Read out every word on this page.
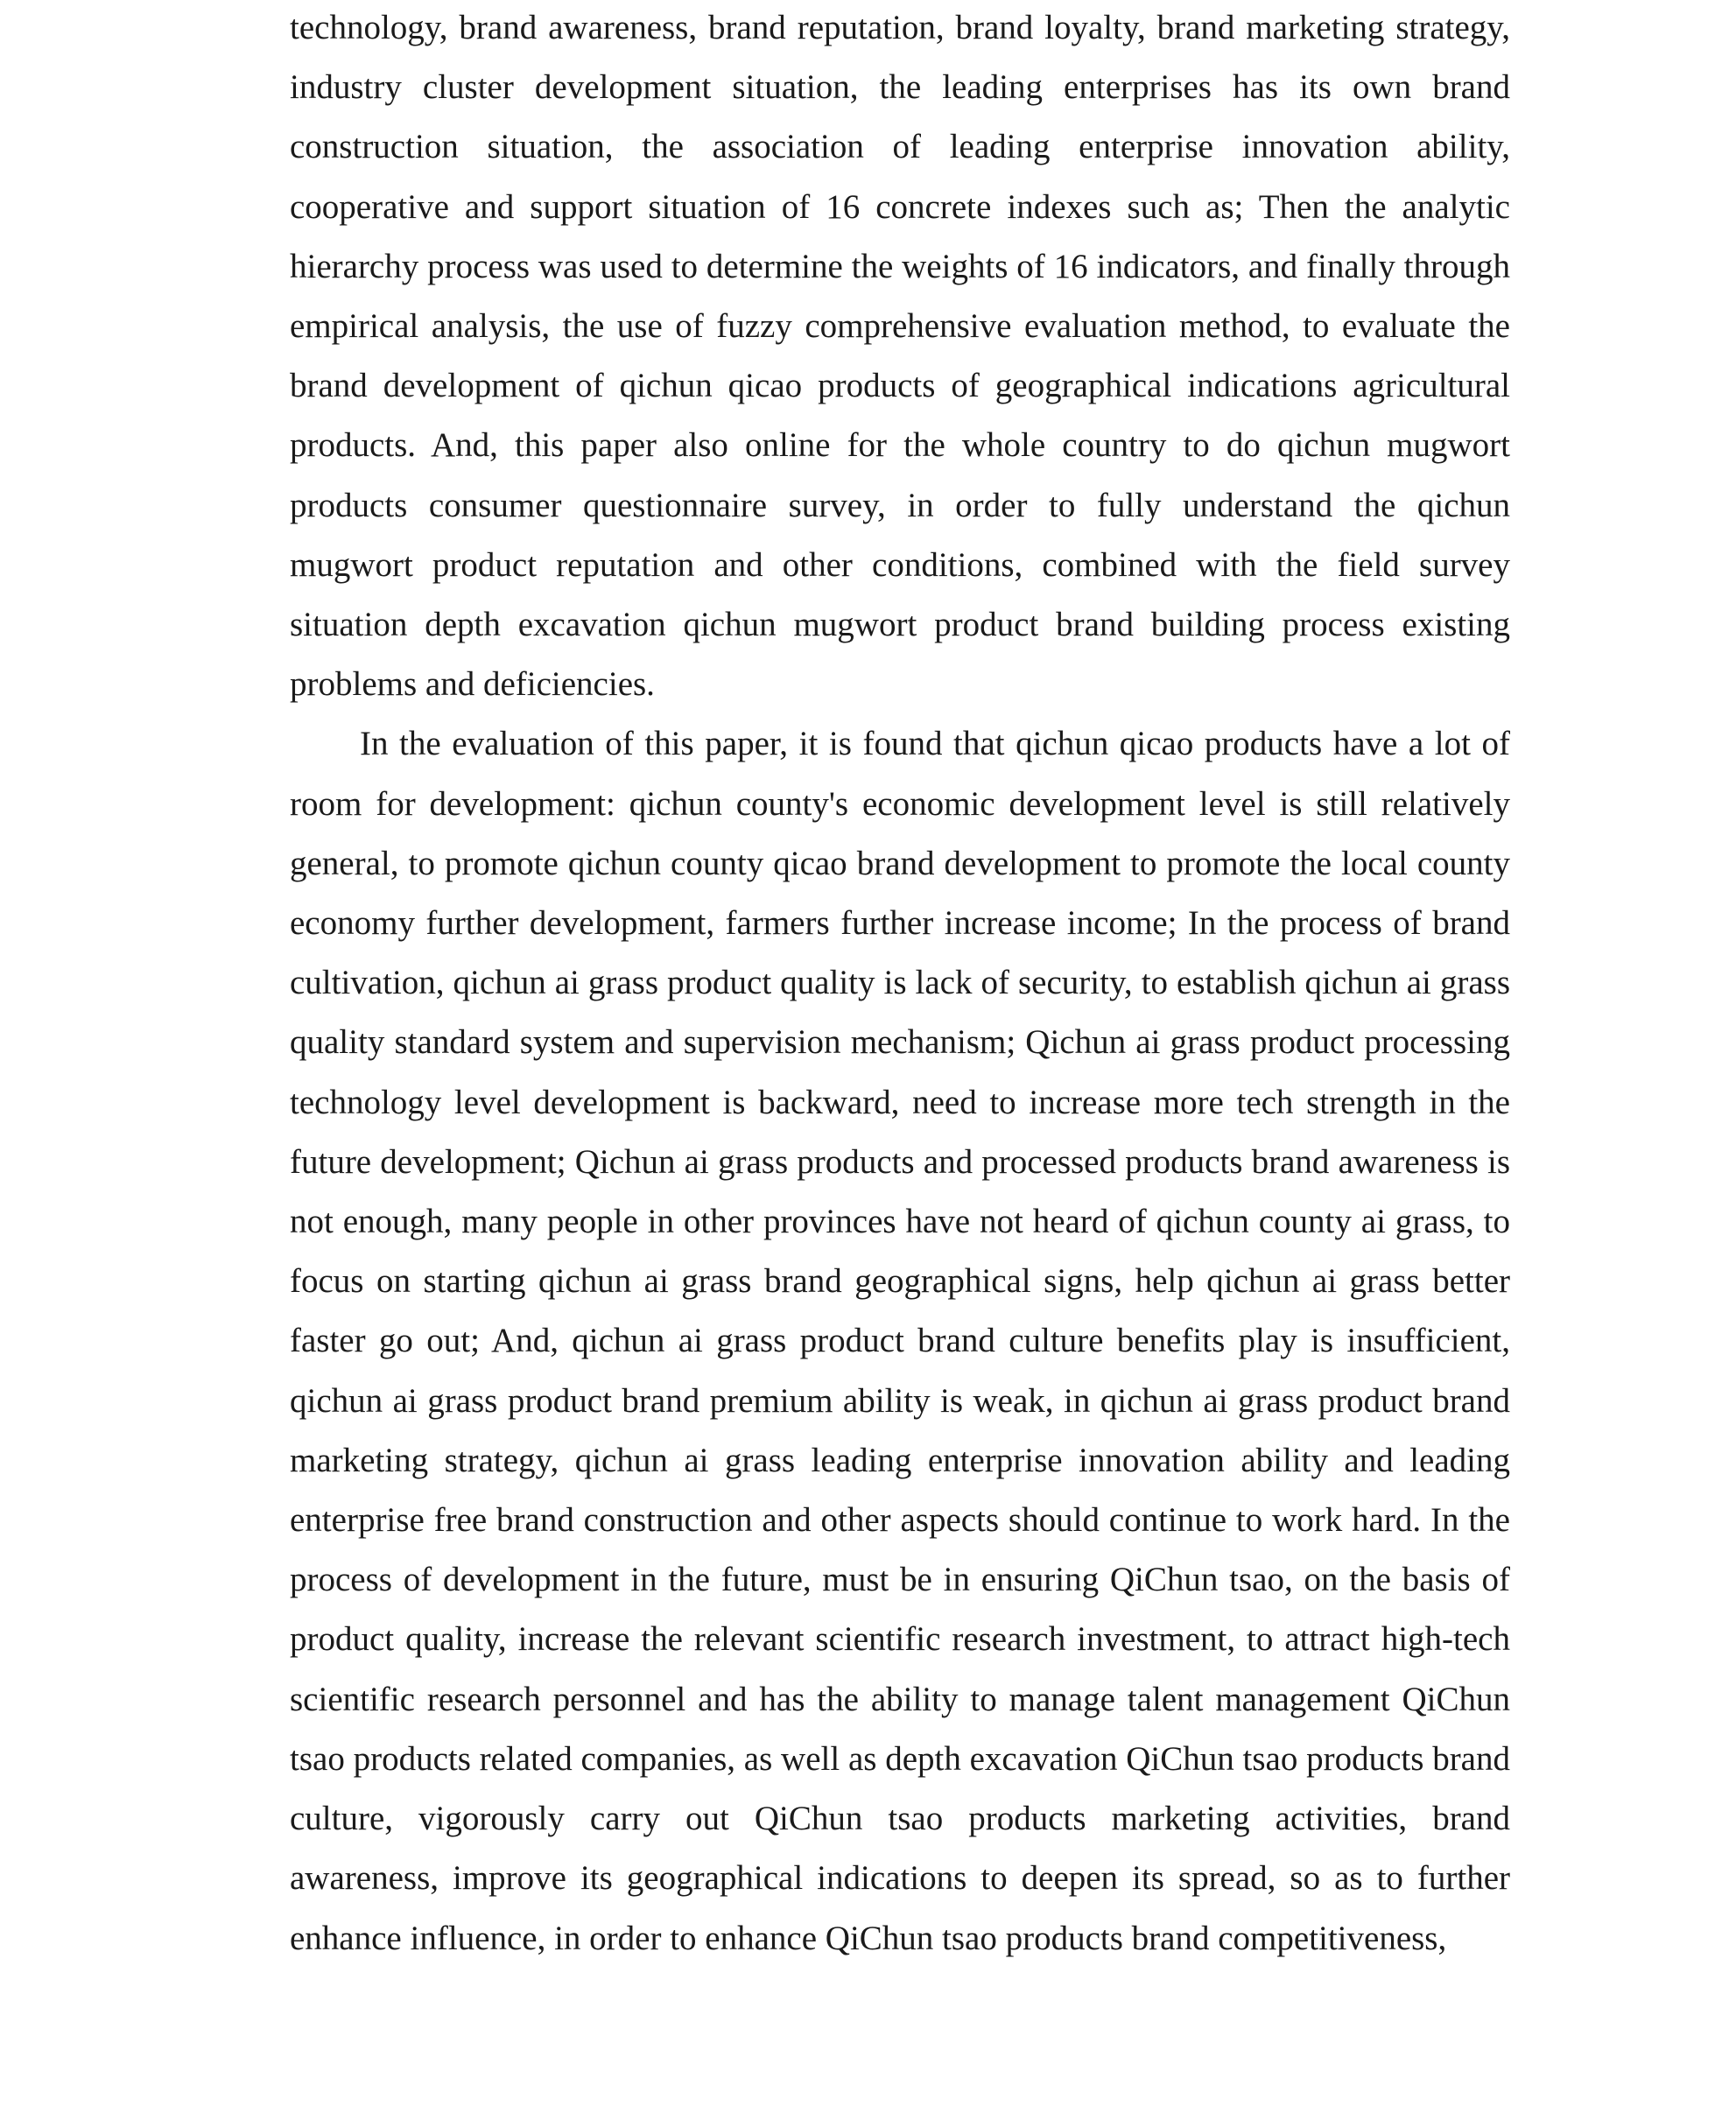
technology, brand awareness, brand reputation, brand loyalty, brand marketing strategy, industry cluster development situation, the leading enterprises has its own brand construction situation, the association of leading enterprise innovation ability, cooperative and support situation of 16 concrete indexes such as; Then the analytic hierarchy process was used to determine the weights of 16 indicators, and finally through empirical analysis, the use of fuzzy comprehensive evaluation method, to evaluate the brand development of qichun qicao products of geographical indications agricultural products. And, this paper also online for the whole country to do qichun mugwort products consumer questionnaire survey, in order to fully understand the qichun mugwort product reputation and other conditions, combined with the field survey situation depth excavation qichun mugwort product brand building process existing problems and deficiencies.

In the evaluation of this paper, it is found that qichun qicao products have a lot of room for development: qichun county's economic development level is still relatively general, to promote qichun county qicao brand development to promote the local county economy further development, farmers further increase income; In the process of brand cultivation, qichun ai grass product quality is lack of security, to establish qichun ai grass quality standard system and supervision mechanism; Qichun ai grass product processing technology level development is backward, need to increase more tech strength in the future development; Qichun ai grass products and processed products brand awareness is not enough, many people in other provinces have not heard of qichun county ai grass, to focus on starting qichun ai grass brand geographical signs, help qichun ai grass better faster go out; And, qichun ai grass product brand culture benefits play is insufficient, qichun ai grass product brand premium ability is weak, in qichun ai grass product brand marketing strategy, qichun ai grass leading enterprise innovation ability and leading enterprise free brand construction and other aspects should continue to work hard. In the process of development in the future, must be in ensuring QiChun tsao, on the basis of product quality, increase the relevant scientific research investment, to attract high-tech scientific research personnel and has the ability to manage talent management QiChun tsao products related companies, as well as depth excavation QiChun tsao products brand culture, vigorously carry out QiChun tsao products marketing activities, brand awareness, improve its geographical indications to deepen its spread, so as to further enhance influence, in order to enhance QiChun tsao products brand competitiveness,
